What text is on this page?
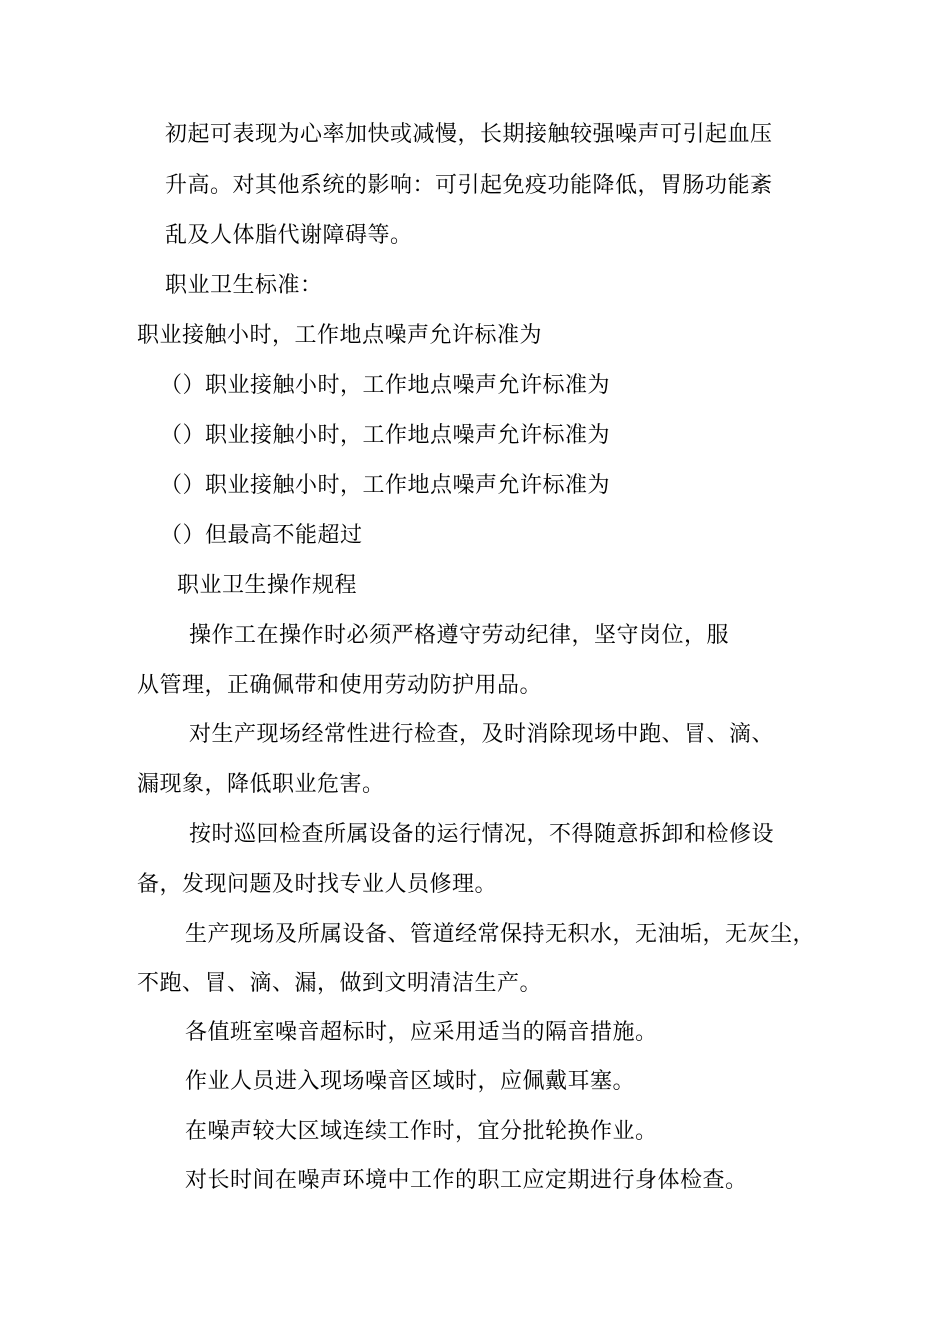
初起可表现为心率加快或减慢，长期接触较强噪声可引起血压
升高。对其他系统的影响：可引起免疫功能降低，胃肠功能紊
乱及人体脂代谢障碍等。
职业卫生标准：
职业接触小时，工作地点噪声允许标准为
（）职业接触小时，工作地点噪声允许标准为
（）职业接触小时，工作地点噪声允许标准为
（）职业接触小时，工作地点噪声允许标准为
（）但最高不能超过
职业卫生操作规程
操作工在操作时必须严格遵守劳动纪律，坚守岗位，服
从管理，正确佩带和使用劳动防护用品。
对生产现场经常性进行检查，及时消除现场中跑、冒、滴、
漏现象，降低职业危害。
按时巡回检查所属设备的运行情况，不得随意拆卸和检修设
备，发现问题及时找专业人员修理。
生产现场及所属设备、管道经常保持无积水，无油垢，无灰尘，
不跑、冒、滴、漏，做到文明清洁生产。
各值班室噪音超标时，应采用适当的隔音措施。
作业人员进入现场噪音区域时，应佩戴耳塞。
在噪声较大区域连续工作时，宜分批轮换作业。
对长时间在噪声环境中工作的职工应定期进行身体检查。
